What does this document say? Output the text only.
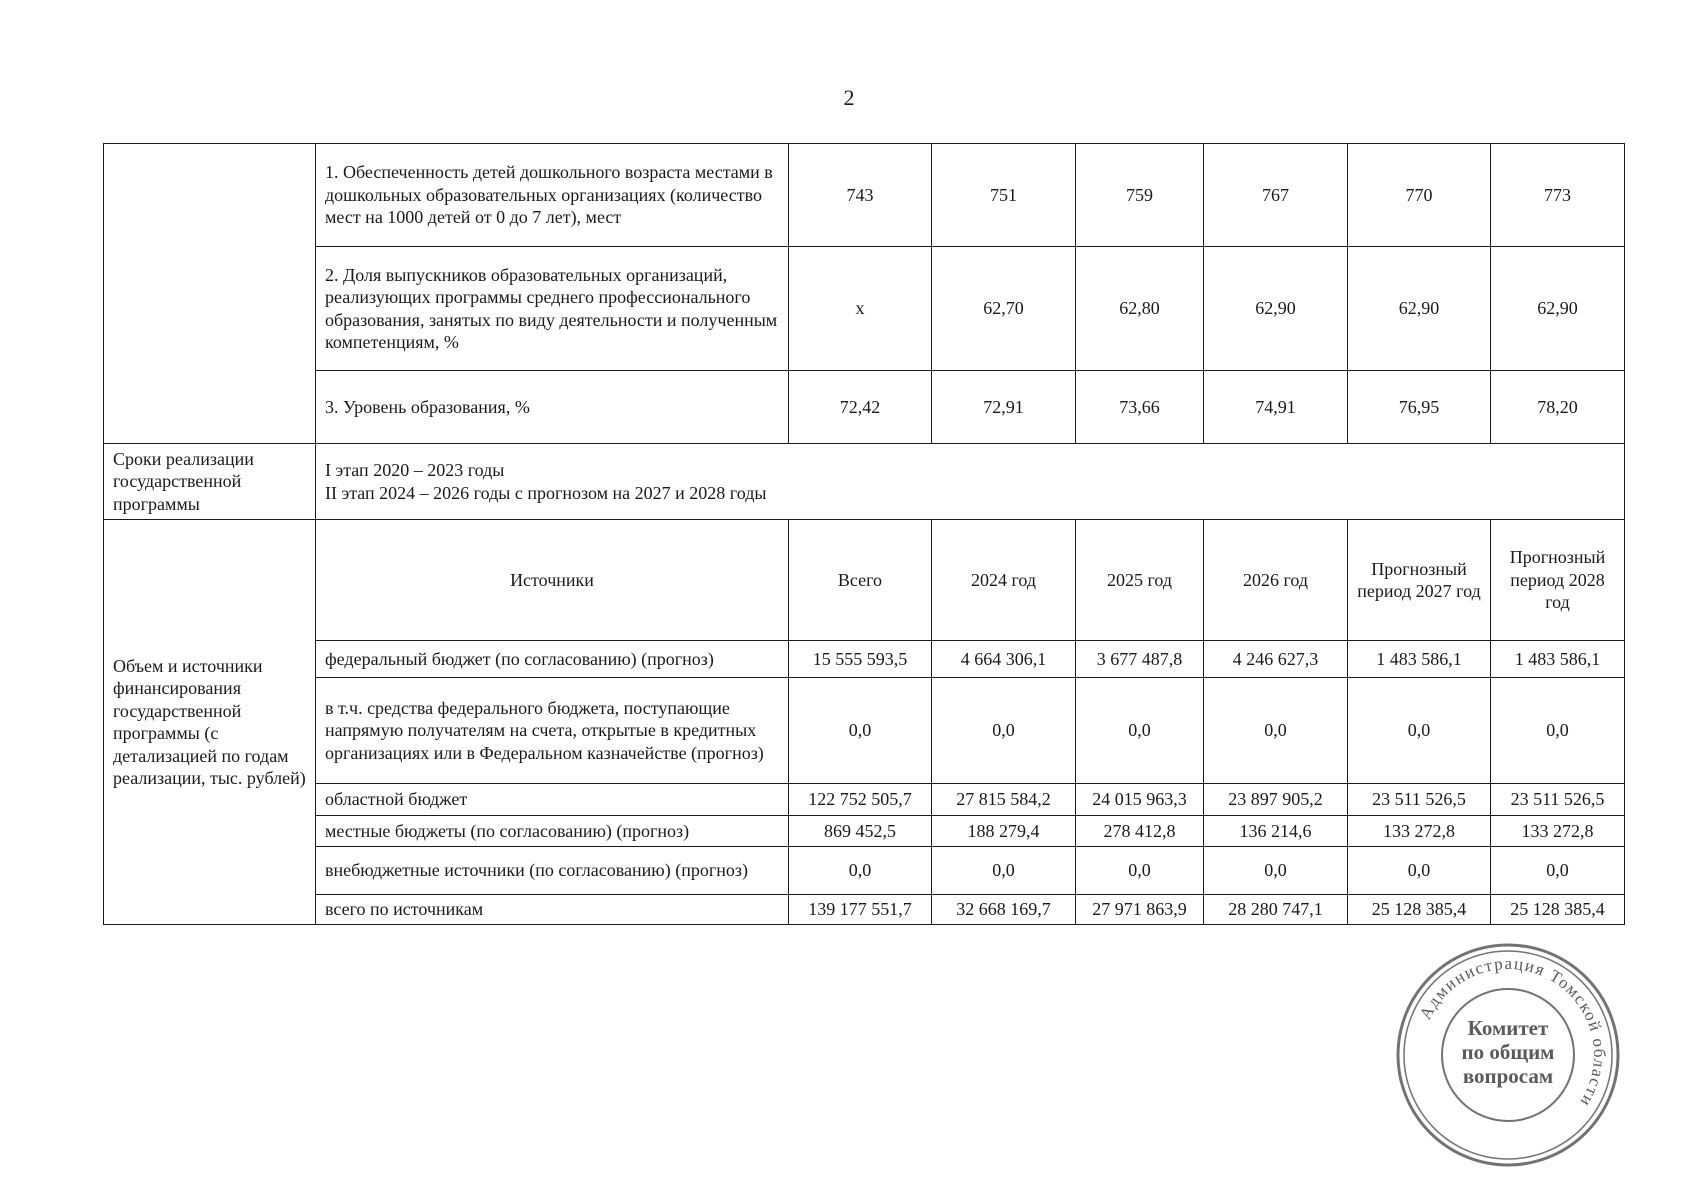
2
	1. Обеспеченность детей дошкольного возраста местами в дошкольных образовательных организациях (количество мест на 1000 детей от 0 до 7 лет), мест	743	751	759	767	770	773
	2. Доля выпускников образовательных организаций, реализующих программы среднего профессионального образования, занятых по виду деятельности и полученным компетенциям, %	х	62,70	62,80	62,90	62,90	62,90
	3. Уровень образования, %	72,42	72,91	73,66	74,91	76,95	78,20
Сроки реализации государственной программы	I этап 2020 – 2023 годы
II этап 2024 – 2026 годы с прогнозом на 2027 и 2028 годы						

Объем и источники финансирования государственной программы (с детализацией по годам реализации, тыс. рублей)	Источники	Всего	2024 год	2025 год	2026 год	Прогнозный период 2027 год	Прогнозный период 2028 год
	федеральный бюджет (по согласованию) (прогноз)	15 555 593,5	4 664 306,1	3 677 487,8	4 246 627,3	1 483 586,1	1 483 586,1
	в т.ч. средства федерального бюджета, поступающие напрямую получателям на счета, открытые в кредитных организациях или в Федеральном казначействе (прогноз)	0,0	0,0	0,0	0,0	0,0	0,0
	областной бюджет	122 752 505,7	27 815 584,2	24 015 963,3	23 897 905,2	23 511 526,5	23 511 526,5
	местные бюджеты (по согласованию) (прогноз)	869 452,5	188 279,4	278 412,8	136 214,6	133 272,8	133 272,8
	внебюджетные источники (по согласованию) (прогноз)	0,0	0,0	0,0	0,0	0,0	0,0
	всего по источникам	139 177 551,7	32 668 169,7	27 971 863,9	28 280 747,1	25 128 385,4	25 128 385,4
Администрация Томской области
Комитет
по общим
вопросам
